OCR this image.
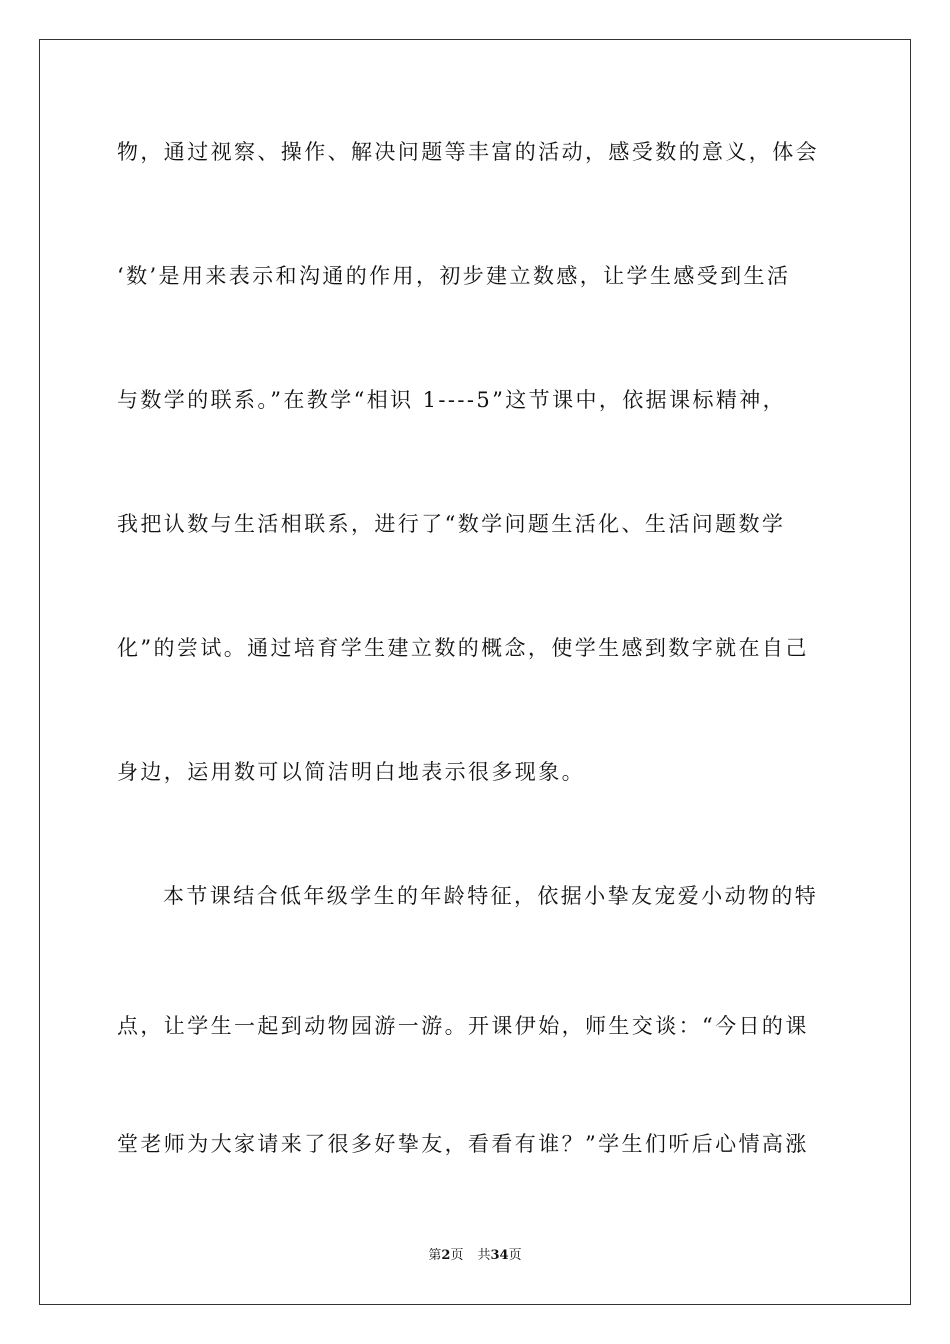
物，通过视察、操作、解决问题等丰富的活动，感受数的意义，体会
‘数’是用来表示和沟通的作用，初步建立数感，让学生感受到生活
与数学的联系。”在教学“相识 1----5”这节课中，依据课标精神，
我把认数与生活相联系，进行了“数学问题生活化、生活问题数学
化”的尝试。通过培育学生建立数的概念，使学生感到数字就在自己
身边，运用数可以简洁明白地表示很多现象。
本节课结合低年级学生的年龄特征，依据小挚友宠爱小动物的特
点，让学生一起到动物园游一游。开课伊始，师生交谈：“今日的课
堂老师为大家请来了很多好挚友，看看有谁？”学生们听后心情高涨
第2页 共34页
